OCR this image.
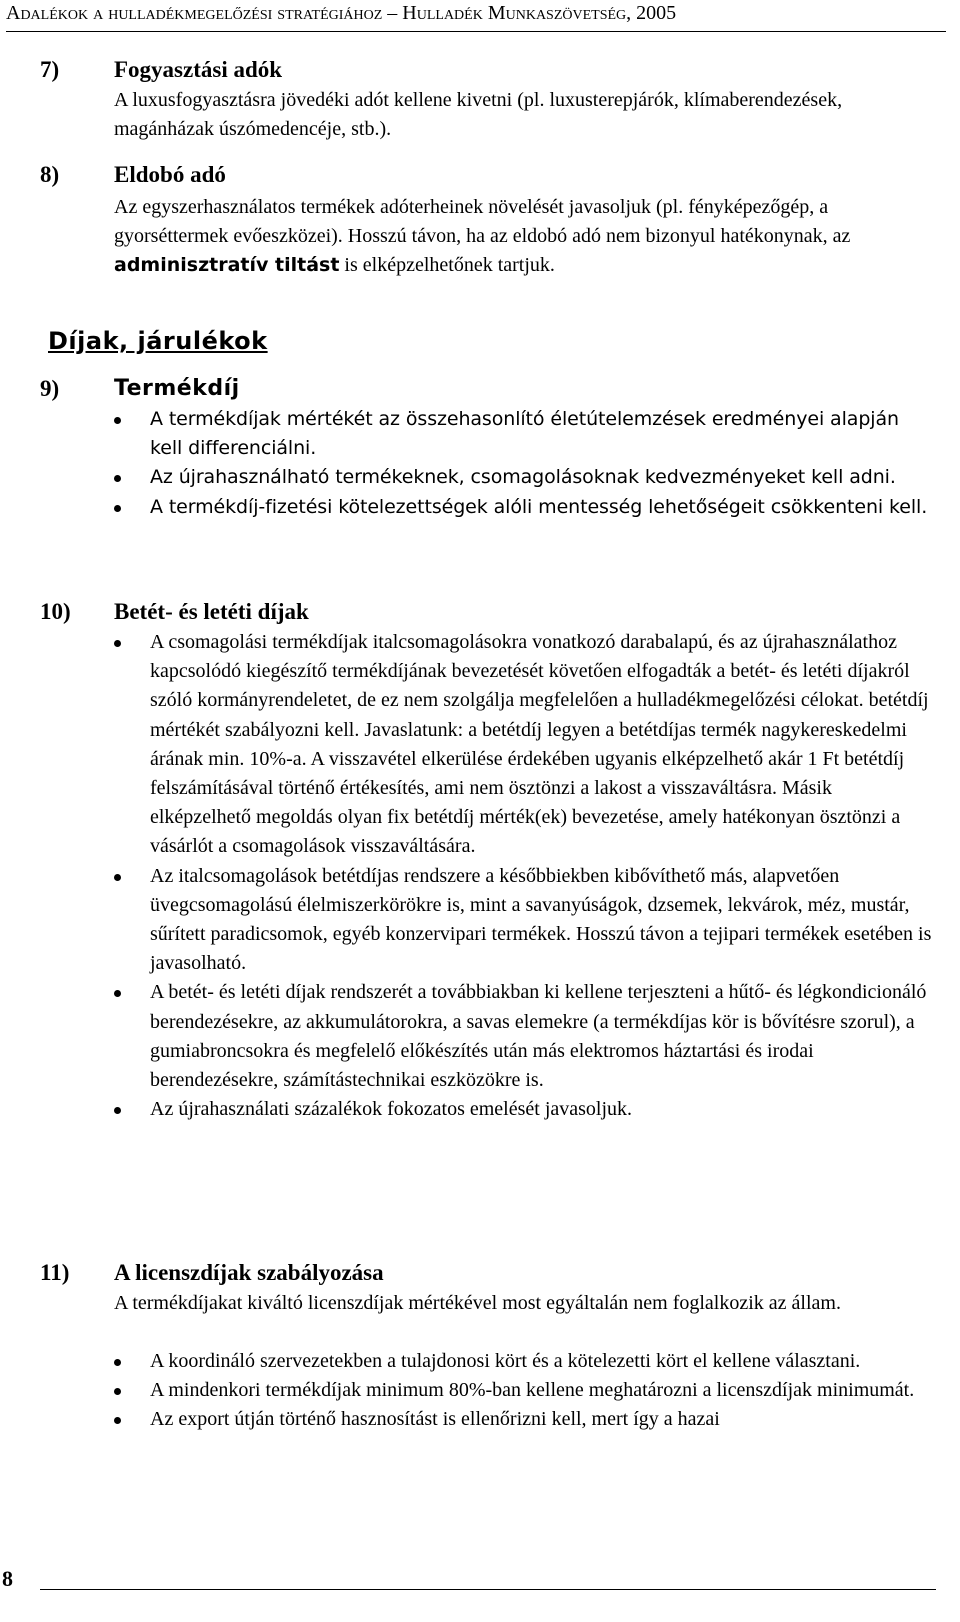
Adalékok a hulladékmegelőzési stratégiához – Hulladék Munkaszövetség, 2005
7) Fogyasztási adók
A luxusfogyasztásra jövedéki adót kellene kivetni (pl. luxusterepjárók, klímaberendezések, magánházak úszómedencéje, stb.).
8) Eldobó adó
Az egyszerhasználatos termékek adóterheinek növelését javasoljuk (pl. fényképezőgép, a gyorséttermek evőeszközei). Hosszú távon, ha az eldobó adó nem bizonyul hatékonynak, az adminisztratív tiltást is elképzelhetőnek tartjuk.
Díjak, járulékok
9) Termékdíj
A termékdíjak mértékét az összehasonlító életútelemzések eredményei alapján kell differenciálni.
Az újrahasználható termékeknek, csomagolásoknak kedvezményeket kell adni.
A termékdíj-fizetési kötelezettségek alóli mentesség lehetőségeit csökkenteni kell.
10) Betét- és letéti díjak
A csomagolási termékdíjak italcsomagolásokra vonatkozó darabalapú, és az újrahasználathoz kapcsolódó kiegészítő termékdíjának bevezetését követően elfogadták a betét- és letéti díjakról szóló kormányrendeletet, de ez nem szolgálja megfelelően a hulladékmegelőzési célokat. betétdíj mértékét szabályozni kell. Javaslatunk: a betétdíj legyen a betétdíjas termék nagykereskedelmi árának min. 10%-a. A visszavétel elkerülése érdekében ugyanis elképzelhető akár 1 Ft betétdíj felszámításával történő értékesítés, ami nem ösztönzi a lakost a visszaváltásra. Másik elképzelhető megoldás olyan fix betétdíj mérték(ek) bevezetése, amely hatékonyan ösztönzi a vásárlót a csomagolások visszaváltására.
Az italcsomagolások betétdíjas rendszere a későbbiekben kibővíthető más, alapvetően üvegcsomagolású élelmiszerkörökre is, mint a savanyúságok, dzsemek, lekvárok, méz, mustár, sűrített paradicsomok, egyéb konzervipari termékek. Hosszú távon a tejipari termékek esetében is javasolható.
A betét- és letéti díjak rendszerét a továbbiakban ki kellene terjeszteni a hűtő- és légkondicionáló berendezésekre, az akkumulátorokra, a savas elemekre (a termékdíjas kör is bővítésre szorul), a gumiabroncsokra és megfelelő előkészítés után más elektromos háztartási és irodai berendezésekre, számítástechnikai eszközökre is.
Az újrahasználati százalékok fokozatos emelését javasoljuk.
11) A licenszdíjak szabályozása
A termékdíjakat kiváltó licenszdíjak mértékével most egyáltalán nem foglalkozik az állam.
A koordináló szervezetekben a tulajdonosi kört és a kötelezetti kört el kellene választani.
A mindenkori termékdíjak minimum 80%-ban kellene meghatározni a licenszdíjak minimumát.
Az export útján történő hasznosítást is ellenőrizni kell, mert így a hazai
8
